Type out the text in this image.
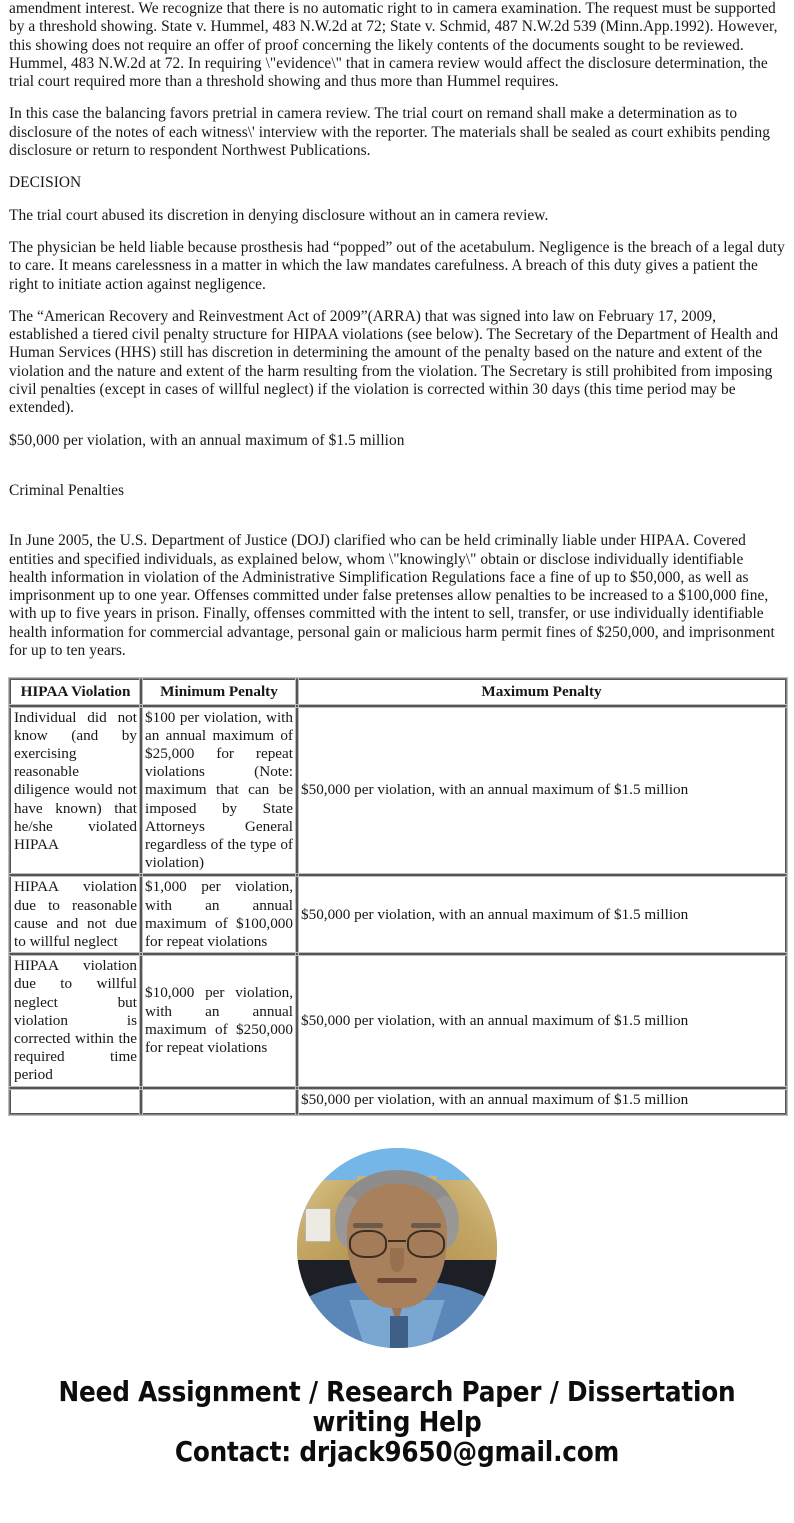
amendment interest. We recognize that there is no automatic right to in camera examination. The request must be supported by a threshold showing. State v. Hummel, 483 N.W.2d at 72; State v. Schmid, 487 N.W.2d 539 (Minn.App.1992). However, this showing does not require an offer of proof concerning the likely contents of the documents sought to be reviewed. Hummel, 483 N.W.2d at 72. In requiring \"evidence\" that in camera review would affect the disclosure determination, the trial court required more than a threshold showing and thus more than Hummel requires.

In this case the balancing favors pretrial in camera review. The trial court on remand shall make a determination as to disclosure of the notes of each witness\' interview with the reporter. The materials shall be sealed as court exhibits pending disclosure or return to respondent Northwest Publications.

DECISION

The trial court abused its discretion in denying disclosure without an in camera review.

The physician be held liable because prosthesis had “popped” out of the acetabulum. Negligence is the breach of a legal duty to care. It means carelessness in a matter in which the law mandates carefulness. A breach of this duty gives a patient the right to initiate action against negligence.

The “American Recovery and Reinvestment Act of 2009”(ARRA) that was signed into law on February 17, 2009, established a tiered civil penalty structure for HIPAA violations (see below). The Secretary of the Department of Health and Human Services (HHS) still has discretion in determining the amount of the penalty based on the nature and extent of the violation and the nature and extent of the harm resulting from the violation. The Secretary is still prohibited from imposing civil penalties (except in cases of willful neglect) if the violation is corrected within 30 days (this time period may be extended).

$50,000 per violation, with an annual maximum of $1.5 million

Criminal Penalties

In June 2005, the U.S. Department of Justice (DOJ) clarified who can be held criminally liable under HIPAA. Covered entities and specified individuals, as explained below, whom \"knowingly\" obtain or disclose individually identifiable health information in violation of the Administrative Simplification Regulations face a fine of up to $50,000, as well as imprisonment up to one year. Offenses committed under false pretenses allow penalties to be increased to a $100,000 fine, with up to five years in prison. Finally, offenses committed with the intent to sell, transfer, or use individually identifiable health information for commercial advantage, personal gain or malicious harm permit fines of $250,000, and imprisonment for up to ten years.

HIPAA Violation	Minimum Penalty	Maximum Penalty
Individual did not know (and by exercising reasonable diligence would not have known) that he/she violated HIPAA	$100 per violation, with an annual maximum of $25,000 for repeat violations (Note: maximum that can be imposed by State Attorneys General regardless of the type of violation)	$50,000 per violation, with an annual maximum of $1.5 million
HIPAA violation due to reasonable cause and not due to willful neglect	$1,000 per violation, with an annual maximum of $100,000 for repeat violations	$50,000 per violation, with an annual maximum of $1.5 million
HIPAA violation due to willful neglect but violation is corrected within the required time period	$10,000 per violation, with an annual maximum of $250,000 for repeat violations	$50,000 per violation, with an annual maximum of $1.5 million
		$50,000 per violation, with an annual maximum of $1.5 million
Need Assignment / Research Paper / Dissertation
writing Help
Contact: drjack9650@gmail.com
